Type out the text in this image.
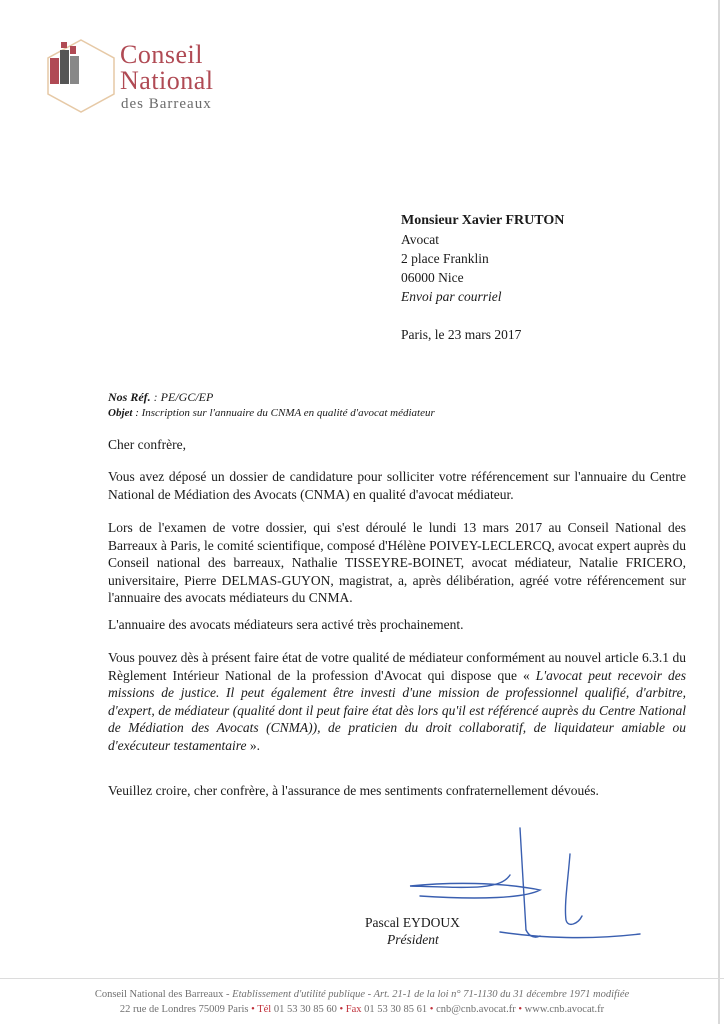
Conseil
National
des Barreaux
Monsieur Xavier FRUTON
Avocat
2 place Franklin
06000 Nice
Envoi par courriel
Paris, le 23 mars 2017
Nos Réf. : PE/GC/EP
Objet : Inscription sur l'annuaire du CNMA en qualité d'avocat médiateur

Cher confrère,

Vous avez déposé un dossier de candidature pour solliciter votre référencement sur l'annuaire du Centre National de Médiation des Avocats (CNMA) en qualité d'avocat médiateur.

Lors de l'examen de votre dossier, qui s'est déroulé le lundi 13 mars 2017 au Conseil National des Barreaux à Paris, le comité scientifique, composé d'Hélène POIVEY-LECLERCQ, avocat expert auprès du Conseil national des barreaux, Nathalie TISSEYRE-BOINET, avocat médiateur, Natalie FRICERO, universitaire, Pierre DELMAS-GUYON, magistrat, a, après délibération, agréé votre référencement sur l'annuaire des avocats médiateurs du CNMA.

L'annuaire des avocats médiateurs sera activé très prochainement.

Vous pouvez dès à présent faire état de votre qualité de médiateur conformément au nouvel article 6.3.1 du Règlement Intérieur National de la profession d'Avocat qui dispose que « L'avocat peut recevoir des missions de justice. Il peut également être investi d'une mission de professionnel qualifié, d'arbitre, d'expert, de médiateur (qualité dont il peut faire état dès lors qu'il est référencé auprès du Centre National de Médiation des Avocats (CNMA)), de praticien du droit collaboratif, de liquidateur amiable ou d'exécuteur testamentaire ».

Veuillez croire, cher confrère, à l'assurance de mes sentiments confraternellement dévoués.

Pascal EYDOUX
Président
Conseil National des Barreaux - Etablissement d'utilité publique - Art. 21-1 de la loi n° 71-1130 du 31 décembre 1971 modifiée
22 rue de Londres 75009 Paris • Tél 01 53 30 85 60 • Fax 01 53 30 85 61 • cnb@cnb.avocat.fr • www.cnb.avocat.fr
